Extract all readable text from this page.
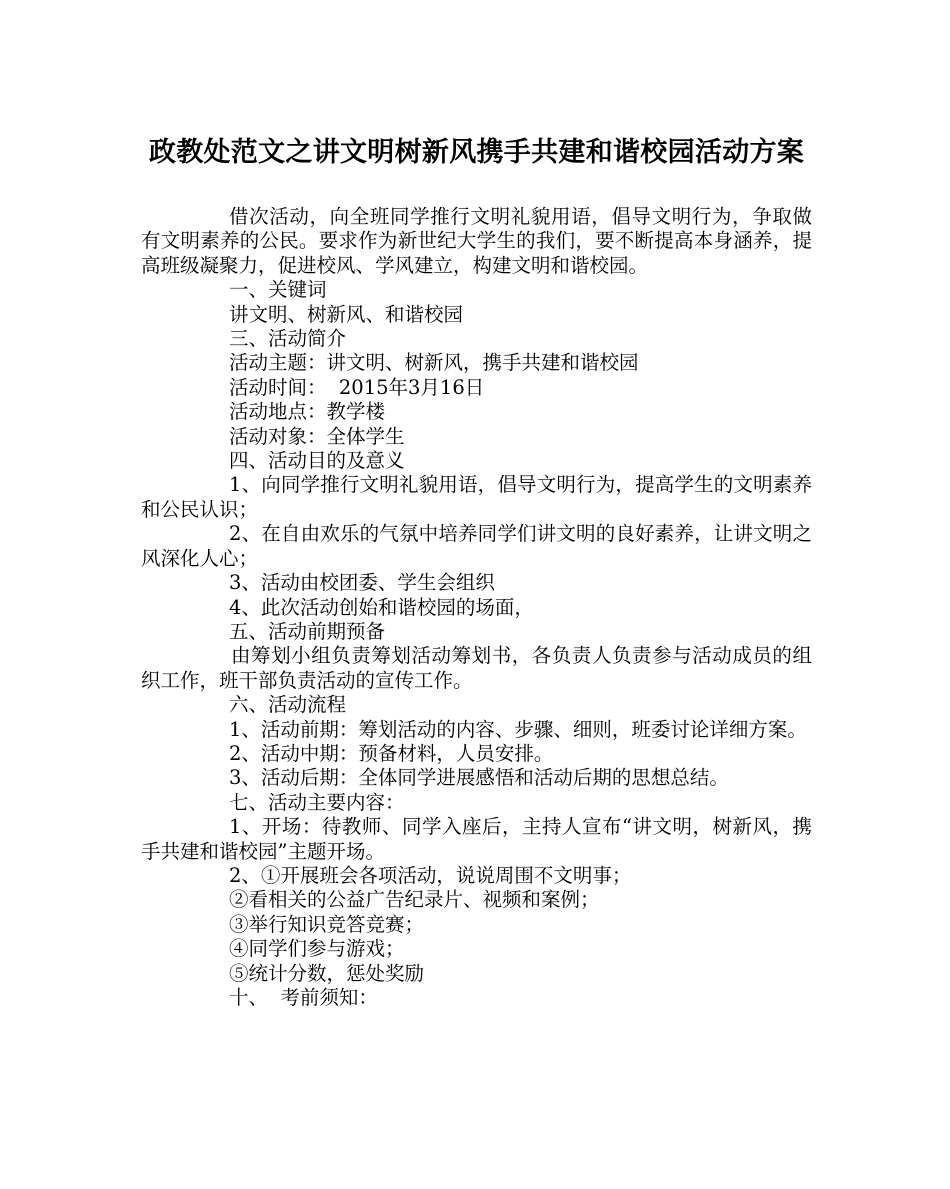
政教处范文之讲文明树新风携手共建和谐校园活动方案

借次活动，向全班同学推行文明礼貌用语，倡导文明行为，争取做有文明素养的公民。要求作为新世纪大学生的我们，要不断提高本身涵养，提高班级凝聚力，促进校风、学风建立，构建文明和谐校园。

一、关键词

讲文明、树新风、和谐校园

三、活动简介

活动主题：讲文明、树新风，携手共建和谐校园

活动时间：  2015年3月16日

活动地点：教学楼

活动对象：全体学生

四、活动目的及意义

1、向同学推行文明礼貌用语，倡导文明行为，提高学生的文明素养和公民认识；

2、在自由欢乐的气氛中培养同学们讲文明的良好素养，让讲文明之风深化人心；

3、活动由校团委、学生会组织

4、此次活动创始和谐校园的场面，

五、活动前期预备

由筹划小组负责筹划活动筹划书，各负责人负责参与活动成员的组织工作，班干部负责活动的宣传工作。

六、活动流程

1、活动前期：筹划活动的内容、步骤、细则，班委讨论详细方案。

2、活动中期：预备材料，人员安排。

3、活动后期：全体同学进展感悟和活动后期的思想总结。

七、活动主要内容：

1、开场：待教师、同学入座后，主持人宣布“讲文明，树新风，携手共建和谐校园”主题开场。

2、①开展班会各项活动，说说周围不文明事；

②看相关的公益广告纪录片、视频和案例；

③举行知识竞答竞赛；

④同学们参与游戏；

⑤统计分数，惩处奖励

十、  考前须知：
